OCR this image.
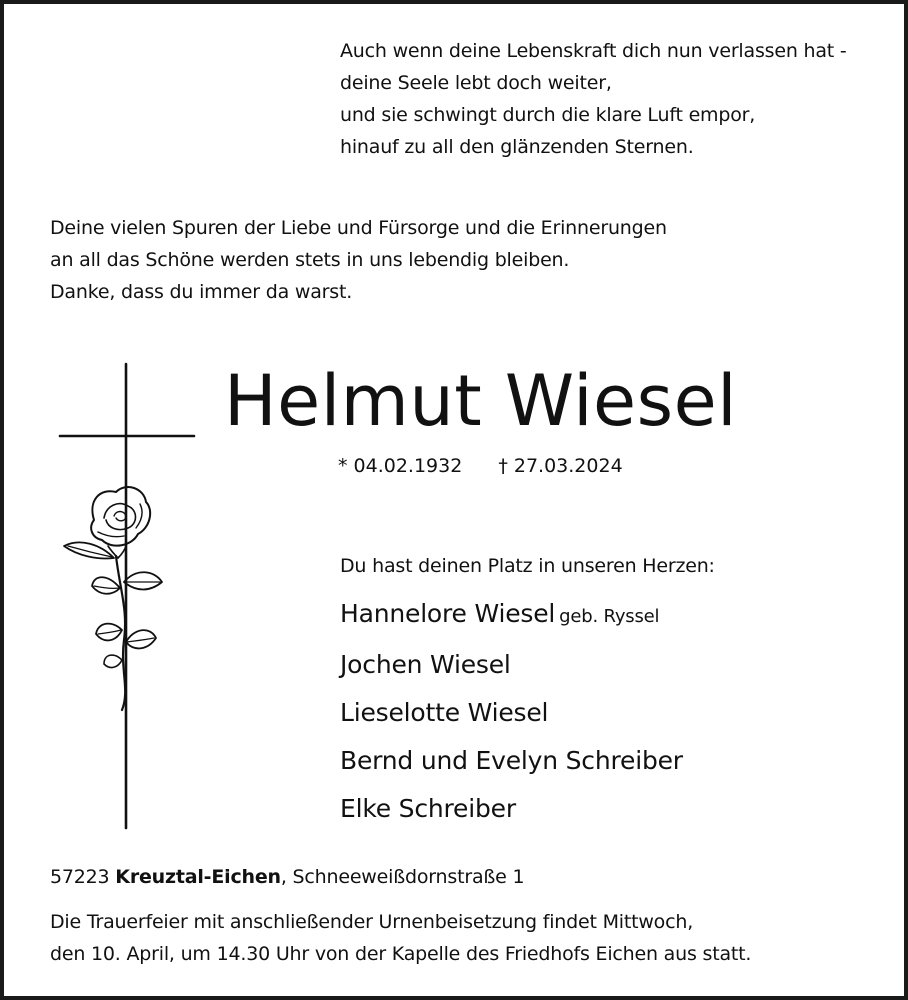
Auch wenn deine Lebenskraft dich nun verlassen hat -
deine Seele lebt doch weiter,
und sie schwingt durch die klare Luft empor,
hinauf zu all den glänzenden Sternen.
Deine vielen Spuren der Liebe und Fürsorge und die Erinnerungen
an all das Schöne werden stets in uns lebendig bleiben.
Danke, dass du immer da warst.
Helmut Wiesel
* 04.02.1932 † 27.03.2024
Du hast deinen Platz in unseren Herzen:
Hannelore Wiesel geb. Ryssel
Jochen Wiesel
Lieselotte Wiesel
Bernd und Evelyn Schreiber
Elke Schreiber
57223 Kreuztal-Eichen, Schneeweißdornstraße 1
Die Trauerfeier mit anschließender Urnenbeisetzung findet Mittwoch,
den 10. April, um 14.30 Uhr von der Kapelle des Friedhofs Eichen aus statt.
